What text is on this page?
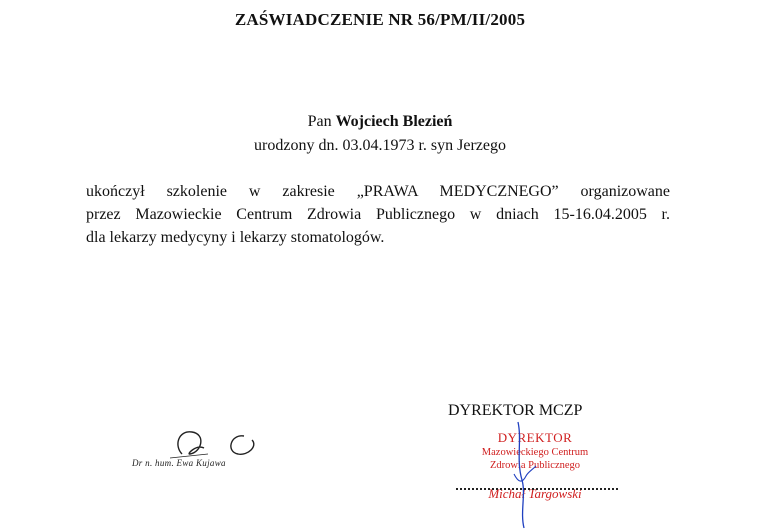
ZAŚWIADCZENIE NR 56/PM/II/2005
Pan Wojciech Blezień
urodzony dn. 03.04.1973 r. syn Jerzego
ukończył szkolenie w zakresie „PRAWA MEDYCZNEGO” organizowane
przez Mazowieckie Centrum Zdrowia Publicznego w dniach 15-16.04.2005 r.
dla lekarzy medycyny i lekarzy stomatologów.
Dr n. hum. Ewa Kujawa
DYREKTOR MCZP
DYREKTOR
Mazowieckiego Centrum
Zdrowia Publicznego
Michał Targowski
